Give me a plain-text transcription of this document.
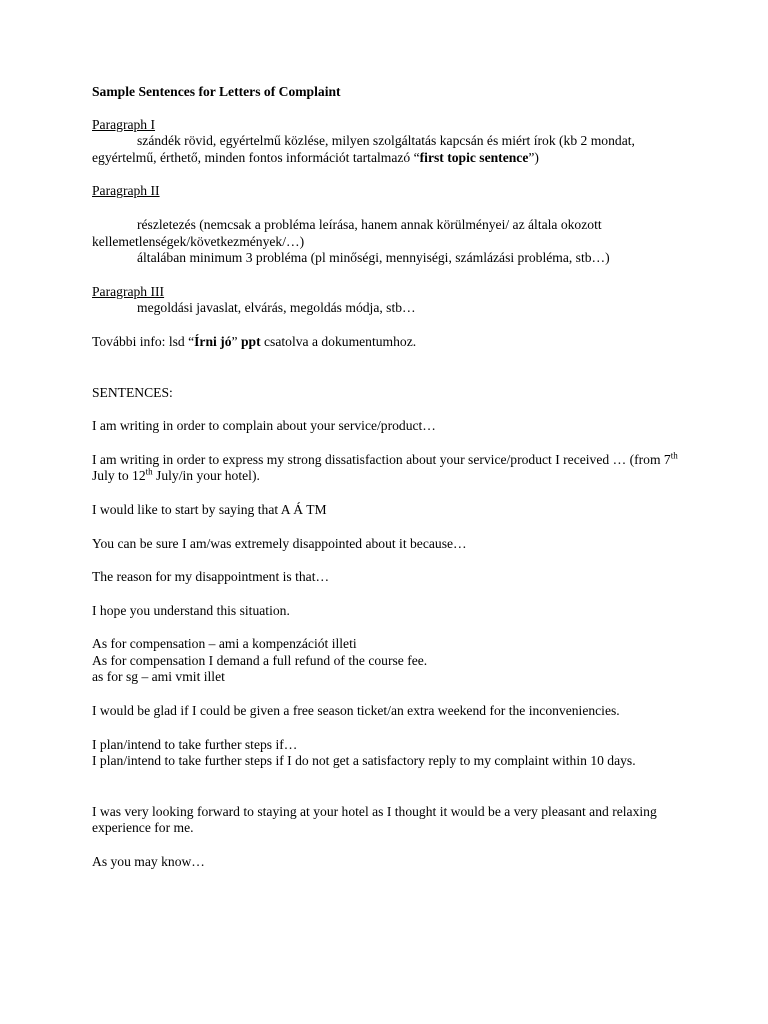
Sample Sentences for Letters of Complaint

Paragraph I

szándék rövid, egyértelmű közlése, milyen szolgáltatás kapcsán és miért írok (kb 2 mondat, egyértelmű, érthető, minden fontos információt tartalmazó “first topic sentence”)

Paragraph II

részletezés (nemcsak a probléma leírása, hanem annak körülményei/ az általa okozott kellemetlenségek/következmények/…)

általában minimum 3 probléma (pl minőségi, mennyiségi, számlázási probléma, stb…)

Paragraph III

megoldási javaslat, elvárás, megoldás módja, stb…

További info: lsd “Írni jó” ppt csatolva a dokumentumhoz.

SENTENCES:

I am writing in order to complain about your service/product…

I am writing in order to express my strong dissatisfaction about your service/product I received … (from 7th July to 12th July/in your hotel).

I would like to start by saying that A Á TM

You can be sure I am/was extremely disappointed about it because…

The reason for my disappointment is that…

I hope you understand this situation.

As for compensation – ami a kompenzációt illeti

As for compensation I demand a full refund of the course fee.

as for sg – ami vmit illet

I would be glad if I could be given a free season ticket/an extra weekend for the inconveniencies.

I plan/intend to take further steps if…

I plan/intend to take further steps if I do not get a satisfactory reply to my complaint within 10 days.

I was very looking forward to staying at your hotel as I thought it would be a very pleasant and relaxing experience for me.

As you may know…
